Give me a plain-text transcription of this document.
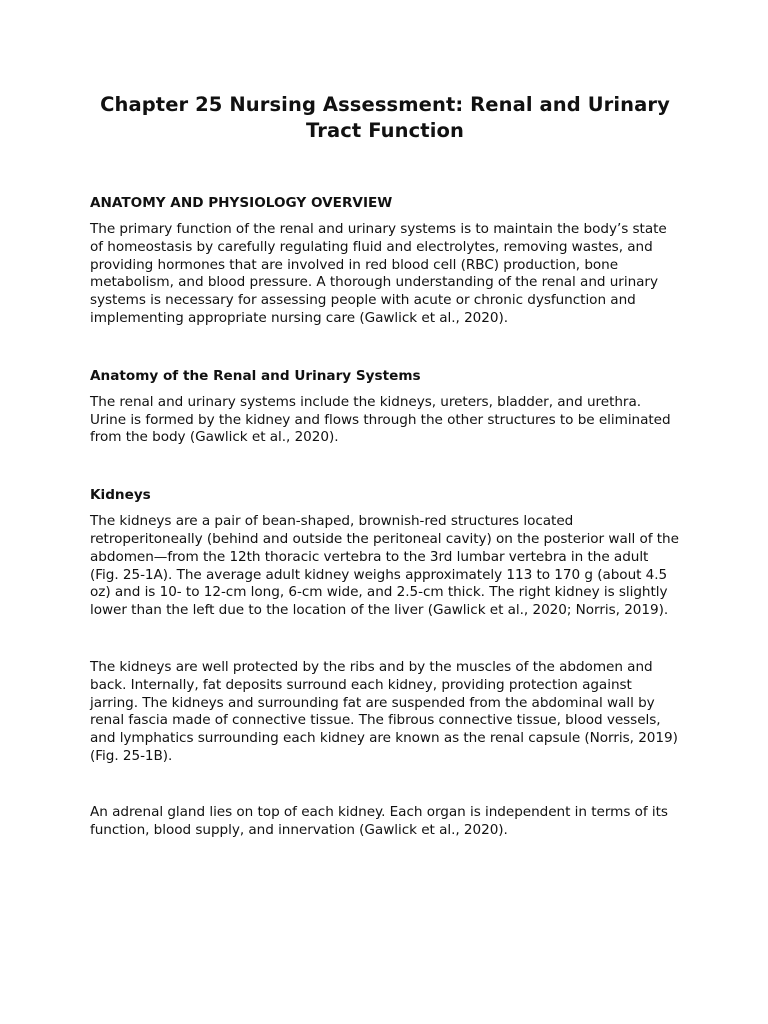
Chapter 25 Nursing Assessment: Renal and Urinary Tract Function
ANATOMY AND PHYSIOLOGY OVERVIEW

The primary function of the renal and urinary systems is to maintain the body’s state of homeostasis by carefully regulating fluid and electrolytes, removing wastes, and providing hormones that are involved in red blood cell (RBC) production, bone metabolism, and blood pressure. A thorough understanding of the renal and urinary systems is necessary for assessing people with acute or chronic dysfunction and implementing appropriate nursing care (Gawlick et al., 2020).

Anatomy of the Renal and Urinary Systems

The renal and urinary systems include the kidneys, ureters, bladder, and urethra. Urine is formed by the kidney and flows through the other structures to be eliminated from the body (Gawlick et al., 2020).

Kidneys

The kidneys are a pair of bean-shaped, brownish-red structures located retroperitoneally (behind and outside the peritoneal cavity) on the posterior wall of the abdomen—from the 12th thoracic vertebra to the 3rd lumbar vertebra in the adult (Fig. 25-1A). The average adult kidney weighs approximately 113 to 170 g (about 4.5 oz) and is 10- to 12-cm long, 6-cm wide, and 2.5-cm thick. The right kidney is slightly lower than the left due to the location of the liver (Gawlick et al., 2020; Norris, 2019).

The kidneys are well protected by the ribs and by the muscles of the abdomen and back. Internally, fat deposits surround each kidney, providing protection against jarring. The kidneys and surrounding fat are suspended from the abdominal wall by renal fascia made of connective tissue. The fibrous connective tissue, blood vessels, and lymphatics surrounding each kidney are known as the renal capsule (Norris, 2019) (Fig. 25-1B).

An adrenal gland lies on top of each kidney. Each organ is independent in terms of its function, blood supply, and innervation (Gawlick et al., 2020).
